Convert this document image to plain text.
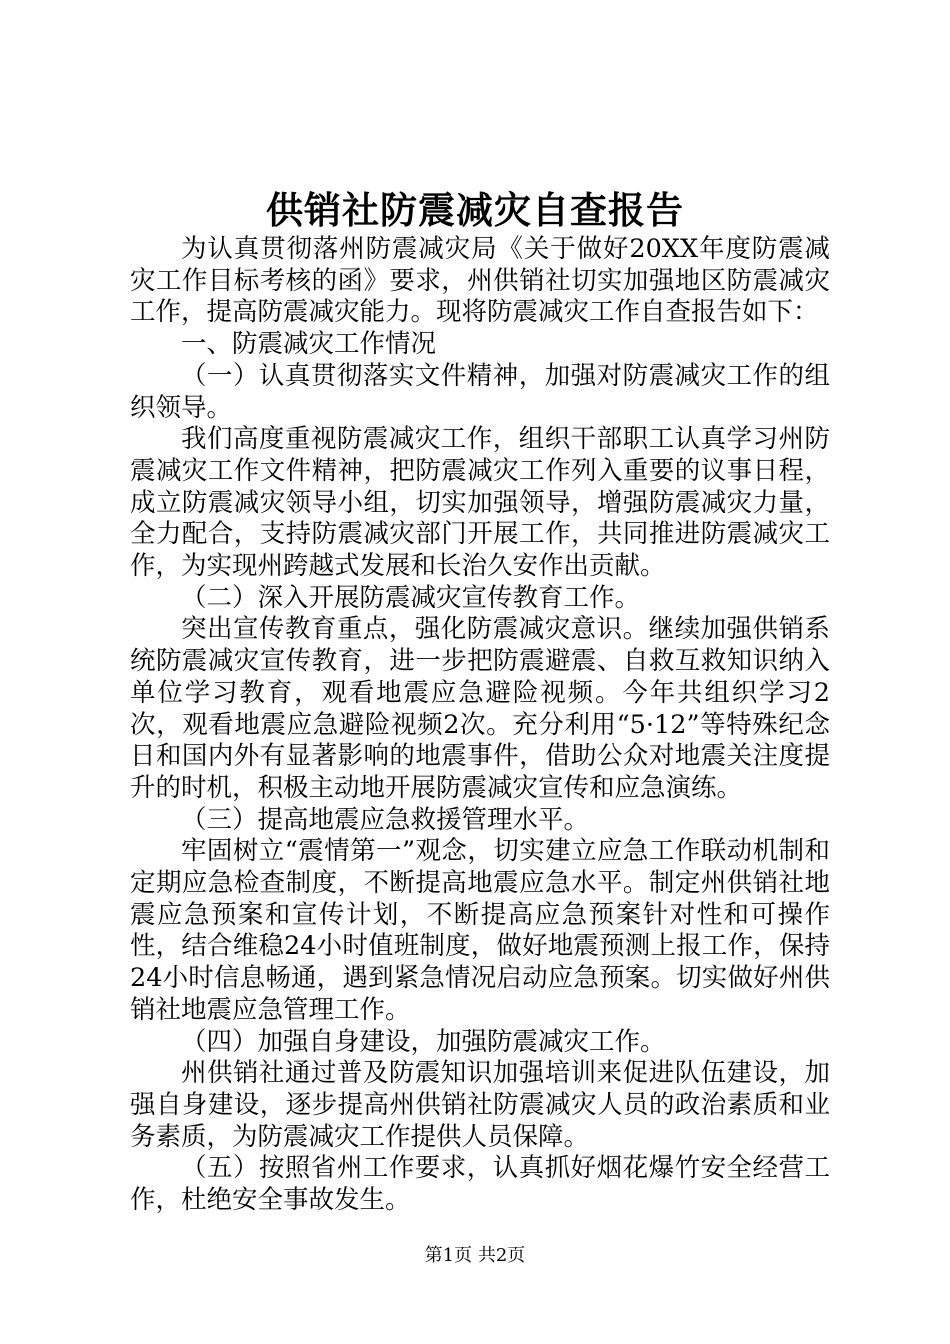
供销社防震减灾自查报告

为认真贯彻落州防震减灾局《关于做好20XX年度防震减灾工作目标考核的函》要求，州供销社切实加强地区防震减灾工作，提高防震减灾能力。现将防震减灾工作自查报告如下：

一、防震减灾工作情况

（一）认真贯彻落实文件精神，加强对防震减灾工作的组织领导。

我们高度重视防震减灾工作，组织干部职工认真学习州防震减灾工作文件精神，把防震减灾工作列入重要的议事日程，成立防震减灾领导小组，切实加强领导，增强防震减灾力量，全力配合，支持防震减灾部门开展工作，共同推进防震减灾工作，为实现州跨越式发展和长治久安作出贡献。

（二）深入开展防震减灾宣传教育工作。

突出宣传教育重点，强化防震减灾意识。继续加强供销系统防震减灾宣传教育，进一步把防震避震、自救互救知识纳入单位学习教育，观看地震应急避险视频。今年共组织学习2次，观看地震应急避险视频2次。充分利用“5·12”等特殊纪念日和国内外有显著影响的地震事件，借助公众对地震关注度提升的时机，积极主动地开展防震减灾宣传和应急演练。

（三）提高地震应急救援管理水平。

牢固树立“震情第一”观念，切实建立应急工作联动机制和定期应急检查制度，不断提高地震应急水平。制定州供销社地震应急预案和宣传计划，不断提高应急预案针对性和可操作性，结合维稳24小时值班制度，做好地震预测上报工作，保持24小时信息畅通，遇到紧急情况启动应急预案。切实做好州供销社地震应急管理工作。

（四）加强自身建设，加强防震减灾工作。

州供销社通过普及防震知识加强培训来促进队伍建设，加强自身建设，逐步提高州供销社防震减灾人员的政治素质和业务素质，为防震减灾工作提供人员保障。

（五）按照省州工作要求，认真抓好烟花爆竹安全经营工作，杜绝安全事故发生。

第1页 共2页
